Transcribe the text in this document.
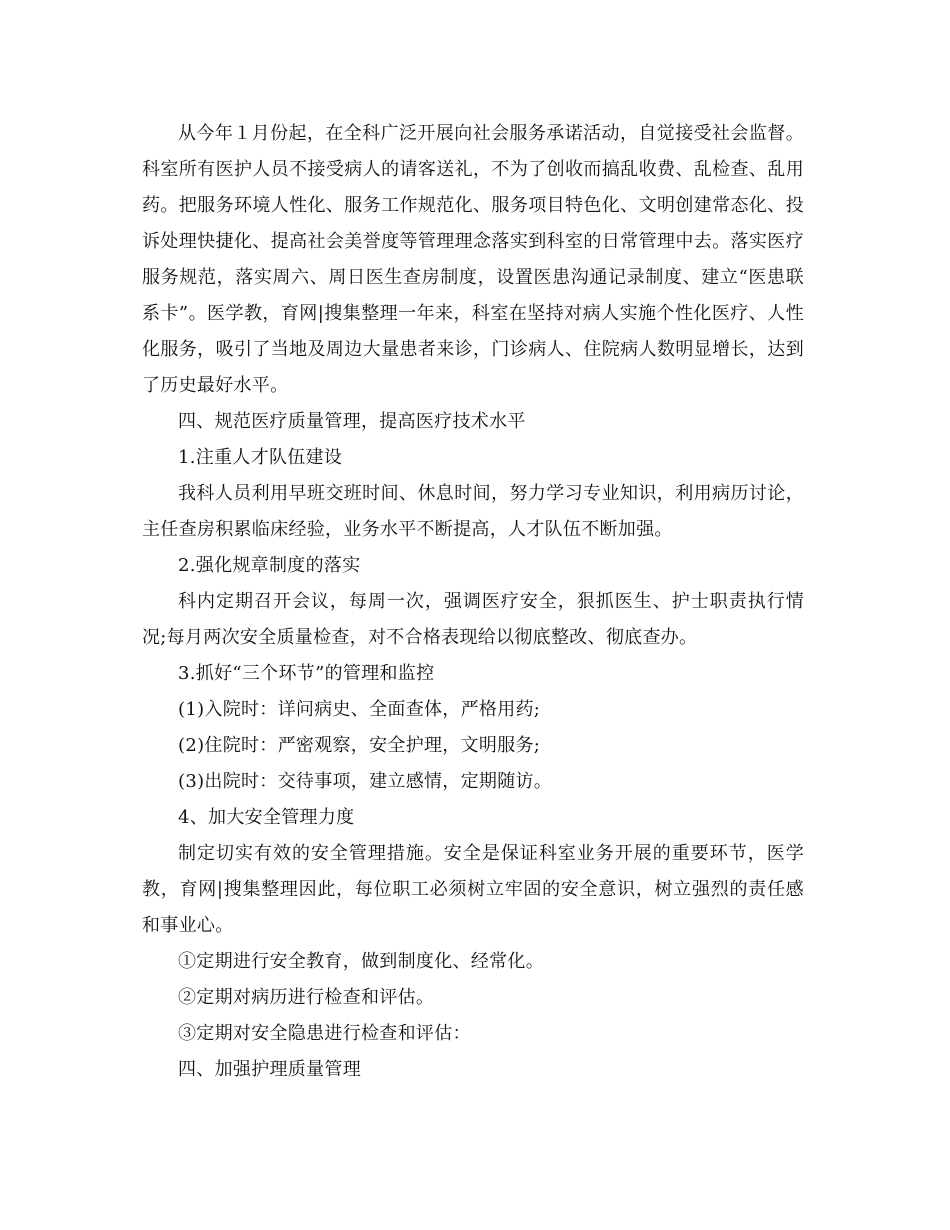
从今年１月份起，在全科广泛开展向社会服务承诺活动，自觉接受社会监督。科室所有医护人员不接受病人的请客送礼，不为了创收而搞乱收费、乱检查、乱用药。把服务环境人性化、服务工作规范化、服务项目特色化、文明创建常态化、投诉处理快捷化、提高社会美誉度等管理理念落实到科室的日常管理中去。落实医疗服务规范，落实周六、周日医生查房制度，设置医患沟通记录制度、建立“医患联系卡”。医学教，育网|搜集整理一年来，科室在坚持对病人实施个性化医疗、人性化服务，吸引了当地及周边大量患者来诊，门诊病人、住院病人数明显增长，达到了历史最好水平。

四、规范医疗质量管理，提高医疗技术水平

1.注重人才队伍建设

我科人员利用早班交班时间、休息时间，努力学习专业知识，利用病历讨论，主任查房积累临床经验，业务水平不断提高，人才队伍不断加强。

2.强化规章制度的落实

科内定期召开会议，每周一次，强调医疗安全，狠抓医生、护士职责执行情况;每月两次安全质量检查，对不合格表现给以彻底整改、彻底查办。

3.抓好“三个环节”的管理和监控

(1)入院时：详问病史、全面查体，严格用药;

(2)住院时：严密观察，安全护理，文明服务;

(3)出院时：交待事项，建立感情，定期随访。

4、加大安全管理力度

制定切实有效的安全管理措施。安全是保证科室业务开展的重要环节，医学教，育网|搜集整理因此，每位职工必须树立牢固的安全意识，树立强烈的责任感和事业心。

①定期进行安全教育，做到制度化、经常化。

②定期对病历进行检查和评估。

③定期对安全隐患进行检查和评估：

四、加强护理质量管理
